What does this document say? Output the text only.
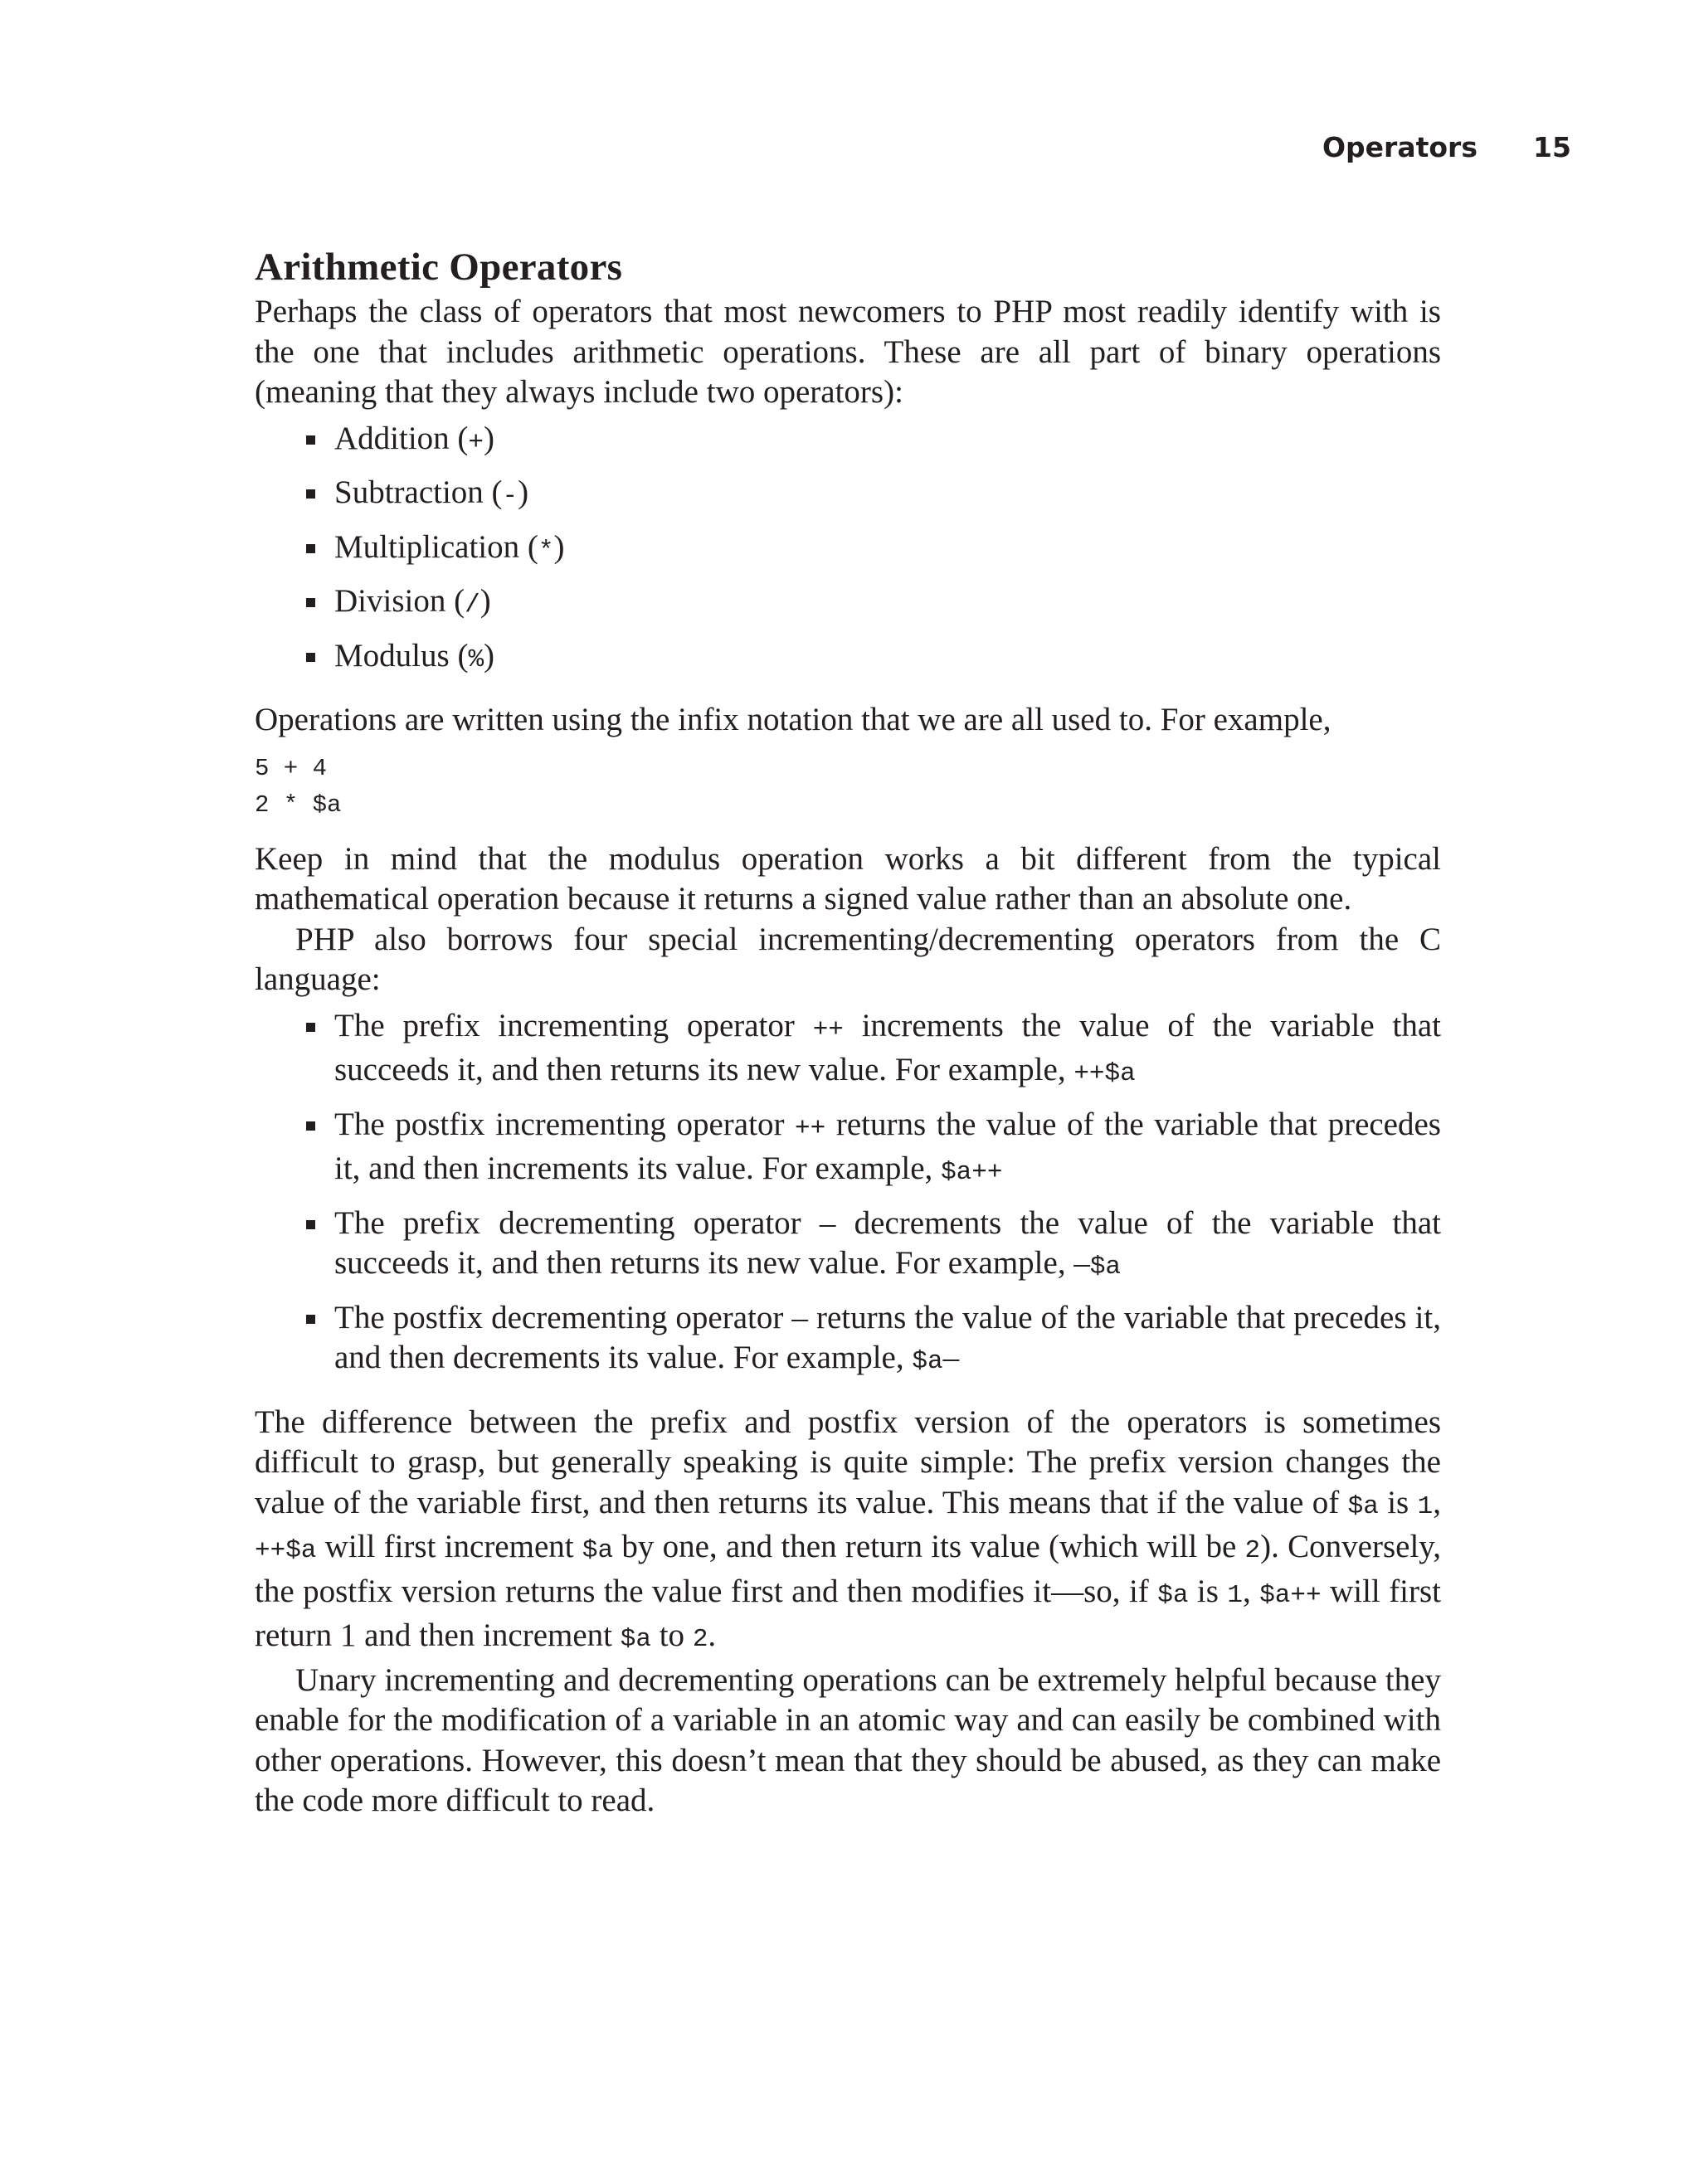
Operators 15
Arithmetic Operators

Perhaps the class of operators that most newcomers to PHP most readily identify with is the one that includes arithmetic operations. These are all part of binary operations (meaning that they always include two operators):

Addition (+)
Subtraction (-)
Multiplication (*)
Division (/)
Modulus (%)

Operations are written using the infix notation that we are all used to. For example,

5 + 4
2 * $a

Keep in mind that the modulus operation works a bit different from the typical mathematical operation because it returns a signed value rather than an absolute one.

PHP also borrows four special incrementing/decrementing operators from the C language:

The prefix incrementing operator ++ increments the value of the variable that succeeds it, and then returns its new value. For example, ++$a
The postfix incrementing operator ++ returns the value of the variable that precedes it, and then increments its value. For example, $a++
The prefix decrementing operator – decrements the value of the variable that succeeds it, and then returns its new value. For example, –$a
The postfix decrementing operator – returns the value of the variable that precedes it, and then decrements its value. For example, $a–

The difference between the prefix and postfix version of the operators is sometimes difficult to grasp, but generally speaking is quite simple: The prefix version changes the value of the variable first, and then returns its value. This means that if the value of $a is 1, ++$a will first increment $a by one, and then return its value (which will be 2). Conversely, the postfix version returns the value first and then modifies it—so, if $a is 1, $a++ will first return 1 and then increment $a to 2.

Unary incrementing and decrementing operations can be extremely helpful because they enable for the modification of a variable in an atomic way and can easily be combined with other operations. However, this doesn’t mean that they should be abused, as they can make the code more difficult to read.
